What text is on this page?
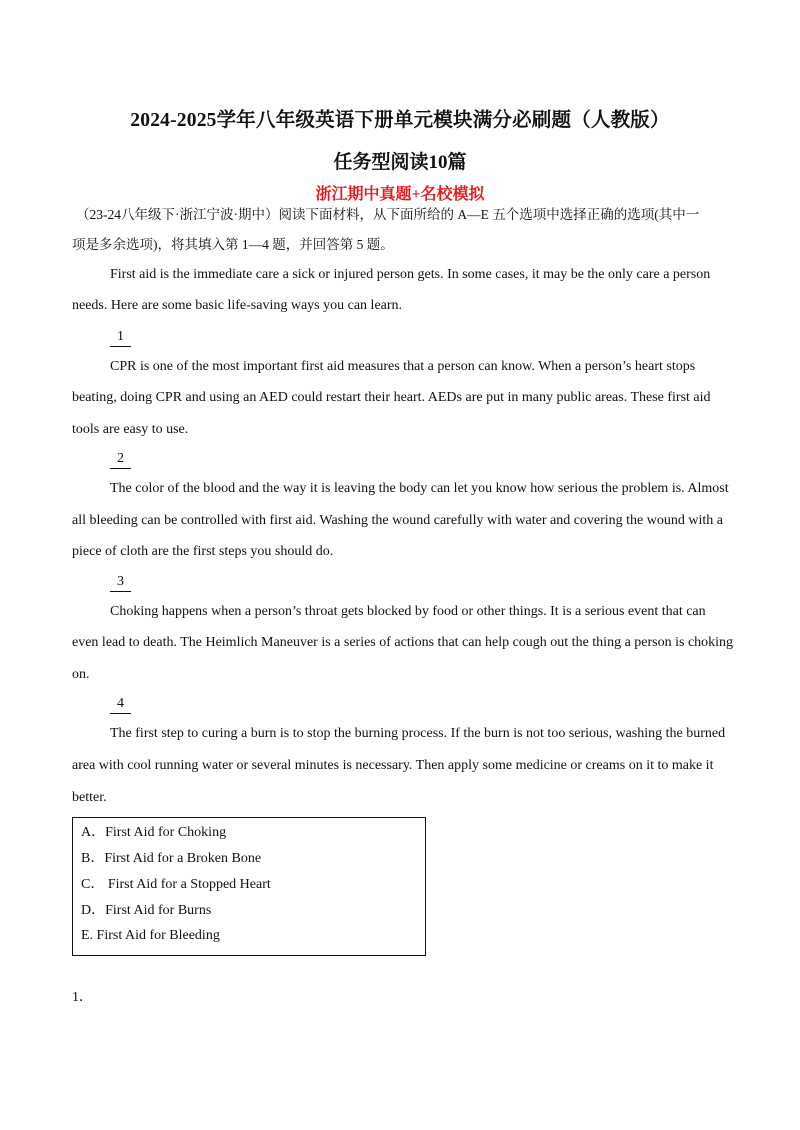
2024-2025学年八年级英语下册单元模块满分必刷题（人教版）
任务型阅读10篇
浙江期中真题+名校模拟
（23-24八年级下·浙江宁波·期中）阅读下面材料，从下面所给的 A—E 五个选项中选择正确的选项(其中一
项是多余选项)，将其填入第 1—4 题，并回答第 5 题。
First aid is the immediate care a sick or injured person gets. In some cases, it may be the only care a person
needs. Here are some basic life-saving ways you can learn.
1
CPR is one of the most important first aid measures that a person can know. When a person’s heart stops
beating, doing CPR and using an AED could restart their heart. AEDs are put in many public areas. These first aid
tools are easy to use.
2
The color of the blood and the way it is leaving the body can let you know how serious the problem is. Almost
all bleeding can be controlled with first aid. Washing the wound carefully with water and covering the wound with a
piece of cloth are the first steps you should do.
3
Choking happens when a person’s throat gets blocked by food or other things. It is a serious event that can
even lead to death. The Heimlich Maneuver is a series of actions that can help cough out the thing a person is choking
on.
4
The first step to curing a burn is to stop the burning process. If the burn is not too serious, washing the burned
area with cool running water or several minutes is necessary. Then apply some medicine or creams on it to make it
better.
A．First Aid for Choking
B．First Aid for a Broken Bone
C． First Aid for a Stopped Heart
D．First Aid for Burns
E. First Aid for Bleeding
1．
